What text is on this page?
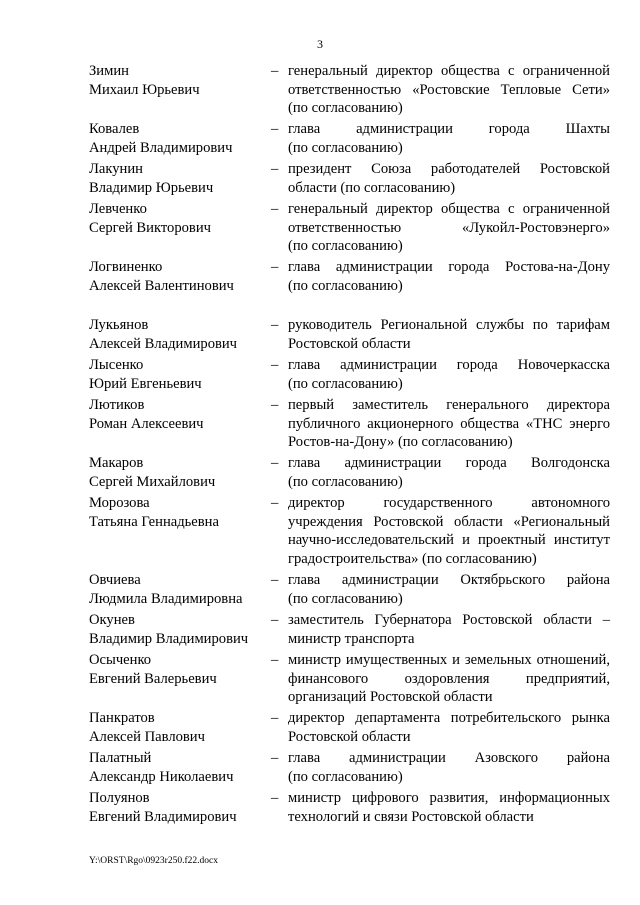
3
Зимин
Михаил Юрьевич
– генеральный директор общества с ограниченной
ответственностью «Ростовские Тепловые Сети»
(по согласованию)
Ковалев
Андрей Владимирович
– глава администрации города Шахты
(по согласованию)
Лакунин
Владимир Юрьевич
– президент Союза работодателей Ростовской
области (по согласованию)
Левченко
Сергей Викторович
– генеральный директор общества с ограниченной
ответственностью «Лукойл-Ростовэнерго»
(по согласованию)
Логвиненко
Алексей Валентинович
– глава администрации города Ростова-на-Дону
(по согласованию)
Лукьянов
Алексей Владимирович
– руководитель Региональной службы по тарифам
Ростовской области
Лысенко
Юрий Евгеньевич
– глава администрации города Новочеркасска
(по согласованию)
Лютиков
Роман Алексеевич
– первый заместитель генерального директора
публичного акционерного общества «ТНС энерго
Ростов-на-Дону» (по согласованию)
Макаров
Сергей Михайлович
– глава администрации города Волгодонска
(по согласованию)
Морозова
Татьяна Геннадьевна
– директор государственного автономного
учреждения Ростовской области «Региональный
научно-исследовательский и проектный институт
градостроительства» (по согласованию)
Овчиева
Людмила Владимировна
– глава администрации Октябрьского района
(по согласованию)
Окунев
Владимир Владимирович
– заместитель Губернатора Ростовской области –
министр транспорта
Осыченко
Евгений Валерьевич
– министр имущественных и земельных отношений,
финансового оздоровления предприятий,
организаций Ростовской области
Панкратов
Алексей Павлович
– директор департамента потребительского рынка
Ростовской области
Палатный
Александр Николаевич
– глава администрации Азовского района
(по согласованию)
Полуянов
Евгений Владимирович
– министр цифрового развития, информационных
технологий и связи Ростовской области
Y:\ORST\Rgo\0923r250.f22.docx
